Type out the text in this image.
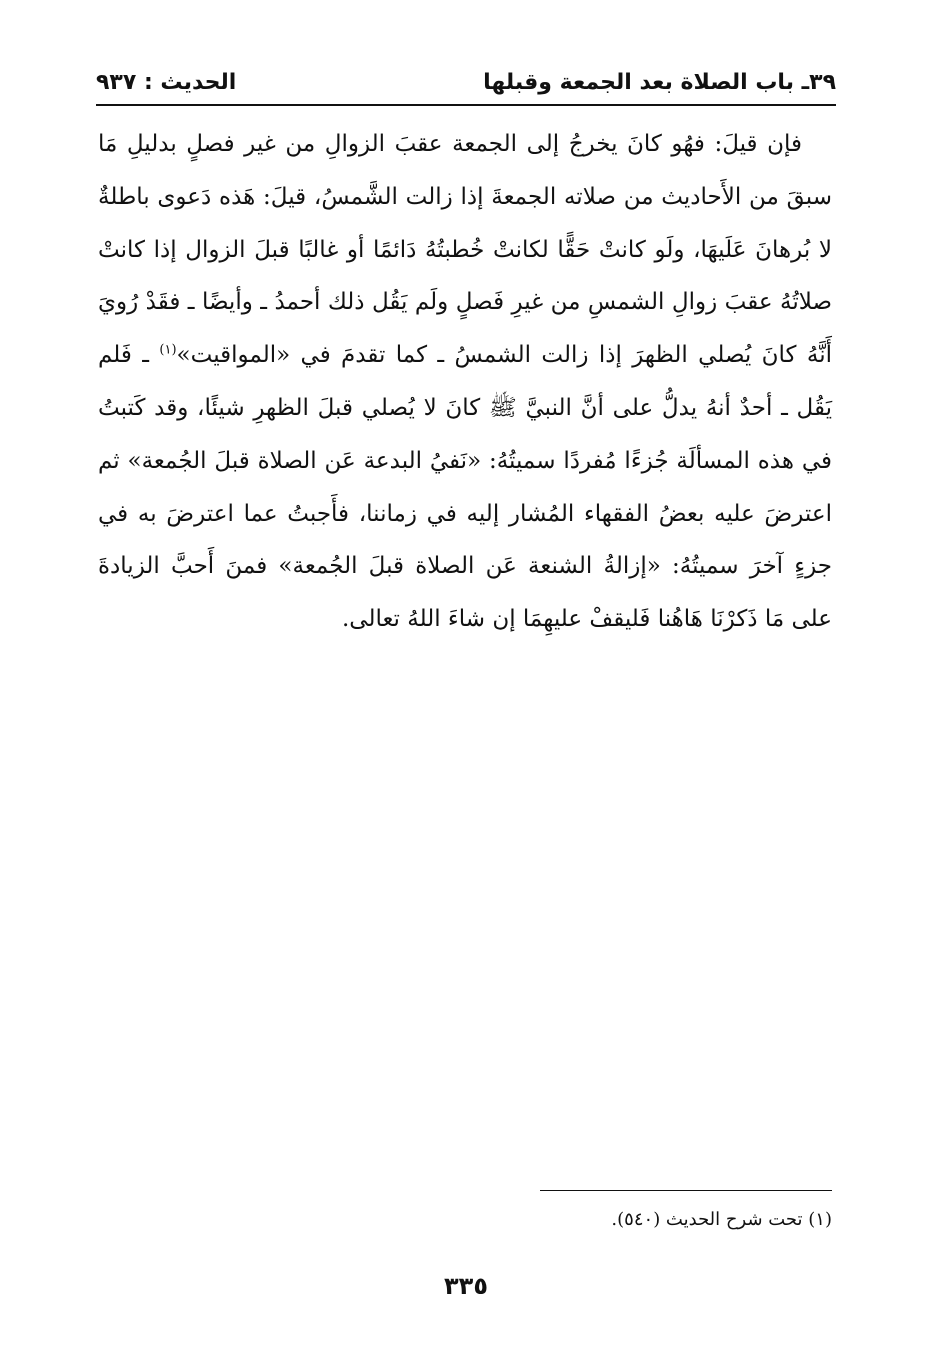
٣٩ـ باب الصلاة بعد الجمعة وقبلها
الحديث : ٩٣٧

فإن قيلَ: فهُو كانَ يخرجُ إلى الجمعة عقبَ الزوالِ من غير فصلٍ بدليلِ مَا سبقَ من الأَحاديث من صلاته الجمعةَ إذا زالت الشَّمسُ، قيلَ: هَذه دَعوى باطلةٌ لا بُرهانَ عَلَيهَا، ولَو كانتْ حَقًّا لكانتْ خُطبتُهُ دَائمًا أو غالبًا قبلَ الزوال إذا كانتْ صلاتُهُ عقبَ زوالِ الشمسِ من غيرِ فَصلٍ ولَم يَقُل ذلك أحمدُ ـ وأيضًا ـ فقَدْ رُويَ أَنَّهُ كانَ يُصلي الظهرَ إذا زالت الشمسُ ـ كما تقدمَ في «المواقيت»$^{(١)}$ ـ فَلم يَقُل ـ أحدٌ أنهُ يدلُّ على أنَّ النبيَّ ﷺ كانَ لا يُصلي قبلَ الظهرِ شيئًا، وقد كَتبتُ في هذه المسألَة جُزءًا مُفردًا سميتُهُ: «نَفيُ البدعة عَن الصلاة قبلَ الجُمعة» ثم اعترضَ عليه بعضُ الفقهاء المُشار إليه في زماننا، فأَجبتُ عما اعترضَ به في جزءٍ آخرَ سميتُهُ: «إزالةُ الشنعة عَن الصلاة قبلَ الجُمعة» فمنَ أَحبَّ الزيادةَ على مَا ذَكرْنَا هَاهُنا فَليقفْ عليهِمَا إن شاءَ اللهُ تعالى.

(١) تحت شرح الحديث (٥٤٠).
٣٣٥
